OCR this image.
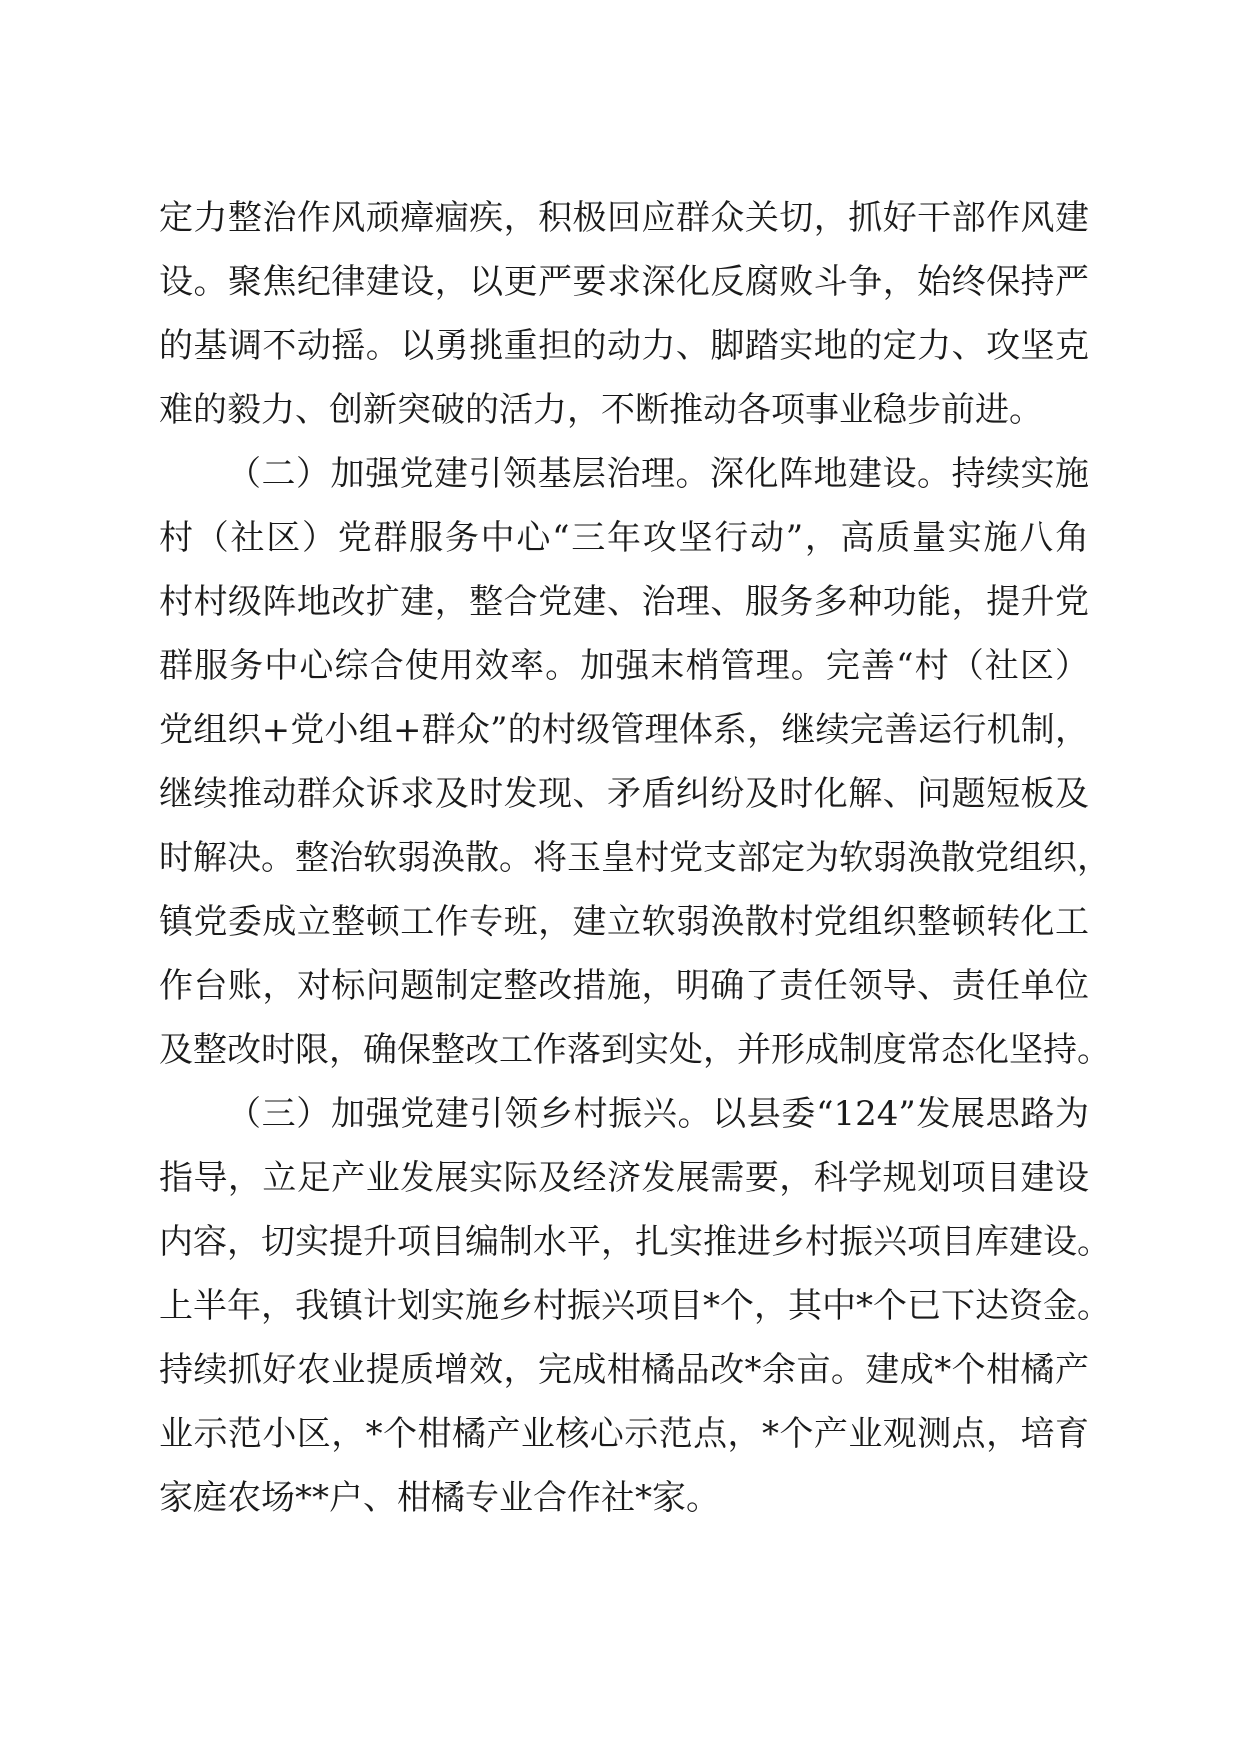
定力整治作风顽瘴痼疾，积极回应群众关切，抓好干部作风建
设。聚焦纪律建设，以更严要求深化反腐败斗争，始终保持严
的基调不动摇。以勇挑重担的动力、脚踏实地的定力、攻坚克
难的毅力、创新突破的活力，不断推动各项事业稳步前进。
（二）加强党建引领基层治理。深化阵地建设。持续实施
村（社区）党群服务中心“三年攻坚行动”，高质量实施八角
村村级阵地改扩建，整合党建、治理、服务多种功能，提升党
群服务中心综合使用效率。加强末梢管理。完善“村（社区）
党组织+党小组+群众”的村级管理体系，继续完善运行机制，
继续推动群众诉求及时发现、矛盾纠纷及时化解、问题短板及
时解决。整治软弱涣散。将玉皇村党支部定为软弱涣散党组织，
镇党委成立整顿工作专班，建立软弱涣散村党组织整顿转化工
作台账，对标问题制定整改措施，明确了责任领导、责任单位
及整改时限，确保整改工作落到实处，并形成制度常态化坚持。
（三）加强党建引领乡村振兴。以县委“124”发展思路为
指导，立足产业发展实际及经济发展需要，科学规划项目建设
内容，切实提升项目编制水平，扎实推进乡村振兴项目库建设。
上半年，我镇计划实施乡村振兴项目*个，其中*个已下达资金。
持续抓好农业提质增效，完成柑橘品改*余亩。建成*个柑橘产
业示范小区，*个柑橘产业核心示范点，*个产业观测点，培育
家庭农场**户、柑橘专业合作社*家。
